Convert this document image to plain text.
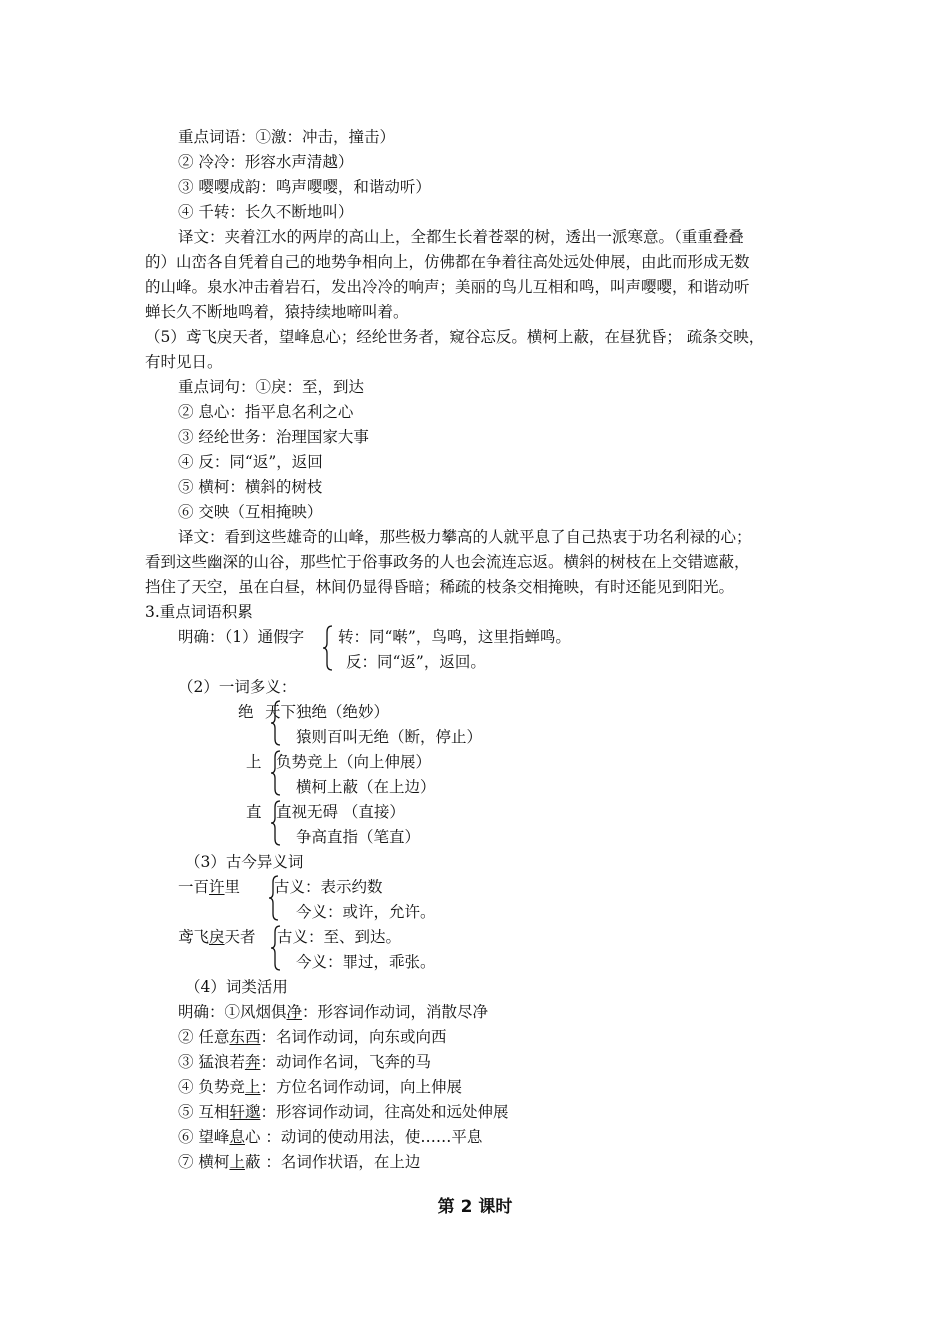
重点词语：①激：冲击，撞击）
② 冷冷：形容水声清越）
③ 嘤嘤成韵：鸣声嘤嘤，和谐动听）
④ 千转：长久不断地叫）
译文：夹着江水的两岸的高山上，全都生长着苍翠的树，透出一派寒意。（重重叠叠
的）山峦各自凭着自己的地势争相向上，仿佛都在争着往高处远处伸展，由此而形成无数
的山峰。泉水冲击着岩石，发出冷冷的响声；美丽的鸟儿互相和鸣，叫声嘤嘤，和谐动听
蝉长久不断地鸣着，猿持续地啼叫着。
（5）鸢飞戾天者，望峰息心；经纶世务者，窥谷忘反。横柯上蔽，在昼犹昏； 疏条交映，
有时见日。
重点词句：①戾：至，到达
② 息心：指平息名利之心
③ 经纶世务：治理国家大事
④ 反：同“返”，返回
⑤ 横柯：横斜的树枝
⑥ 交映（互相掩映）
译文：看到这些雄奇的山峰，那些极力攀高的人就平息了自己热衷于功名利禄的心；
看到这些幽深的山谷，那些忙于俗事政务的人也会流连忘返。横斜的树枝在上交错遮蔽，
挡住了天空，虽在白昼，林间仍显得昏暗；稀疏的枝条交相掩映，有时还能见到阳光。
3.重点词语积累
明确：（1）通假字 转：同“啭”，鸟鸣，这里指蝉鸣。
反：同“返”，返回。
（2）一词多义：
绝 天下独绝（绝妙）
猿则百叫无绝（断，停止）
上 负势竞上（向上伸展）
横柯上蔽（在上边）
直 直视无碍 （直接）
争高直指（笔直）
（3）古今异义词
一百许里 古义：表示约数
今义：或许，允许。
鸢飞戾天者 古义：至、到达。
今义：罪过，乖张。
（4）词类活用
明确：①风烟俱净：形容词作动词，消散尽净
② 任意东西：名词作动词，向东或向西
③ 猛浪若奔：动词作名词，飞奔的马
④ 负势竞上：方位名词作动词，向上伸展
⑤ 互相轩邈：形容词作动词，往高处和远处伸展
⑥ 望峰息心 ：动词的使动用法，使……平息
⑦ 横柯上蔽 ：名词作状语，在上边
第 2 课时
